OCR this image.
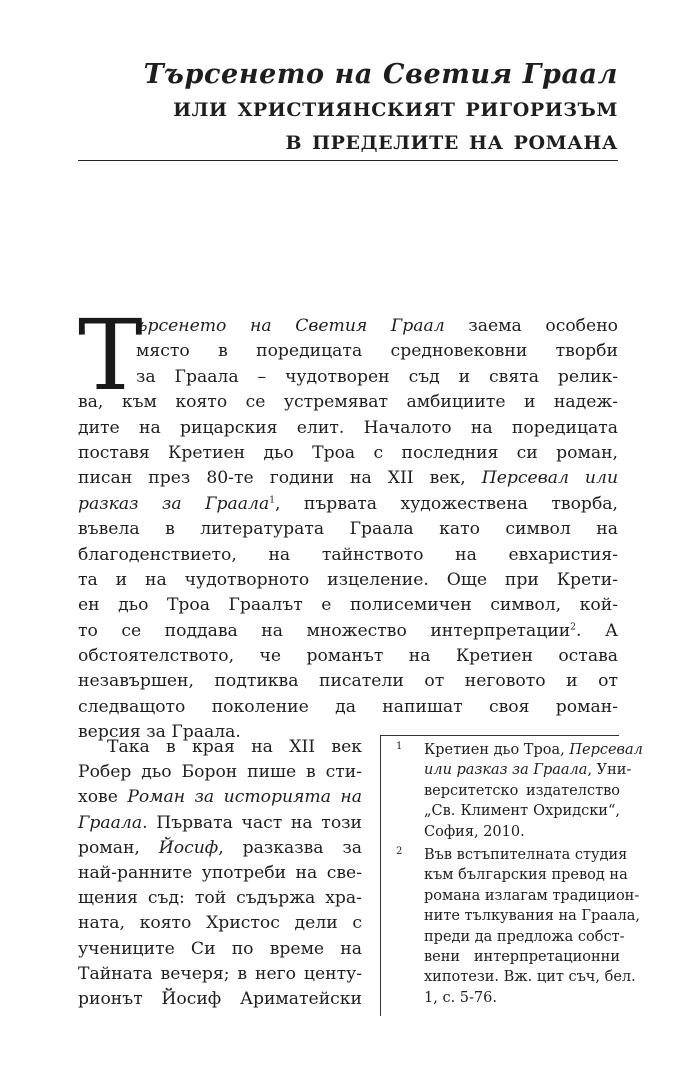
Търсенето на Светия Граал
или християнският ригоризъм
в пределите на романа
Т
ърсенето на Светия Граал заема особено
място в поредицата средновековни творби
за Граала – чудотворен съд и свята релик-
ва, към която се устремяват амбициите и надеж-
дите на рицарския елит. Началото на поредицата
поставя Кретиен дьо Троа с последния си роман,
писан през 80-те години на XII век, Персевал или
разказ за Граала$^1$, първата художествена творба,
въвела в литературата Граала като символ на
благоденствието, на тайнството на евхаристия-
та и на чудотворното изцеление. Още при Крети-
ен дьо Троа Граалът е полисемичен символ, кой-
то се поддава на множество интерпретации$^2$. А
обстоятелството, че романът на Кретиен остава
незавършен, подтиква писатели от неговото и от
следващото поколение да напишат своя роман-
версия за Граала.
Така в края на XII век
Робер дьо Борон пише в сти-
хове Роман за историята на
Граала. Първата част на този
роман, Йосиф, разказва за
най-ранните употреби на све-
щения съд: той съдържа хра-
ната, която Христос дели с
учениците Си по време на
Тайната вечеря; в него центу-
рионът Йосиф Ариматейски
1	Кретиен дьо Троа, Персевал
или разказ за Граала, Уни-
верситетско издателство
„Св. Климент Охридски“,
София, 2010.
2	Във встъпителната студия
към българския превод на
романа излагам традицион-
ните тълкувания на Граала,
преди да предложа собст-
вени интерпретационни
хипотези. Вж. цит съч, бел.
1, с. 5-76.
